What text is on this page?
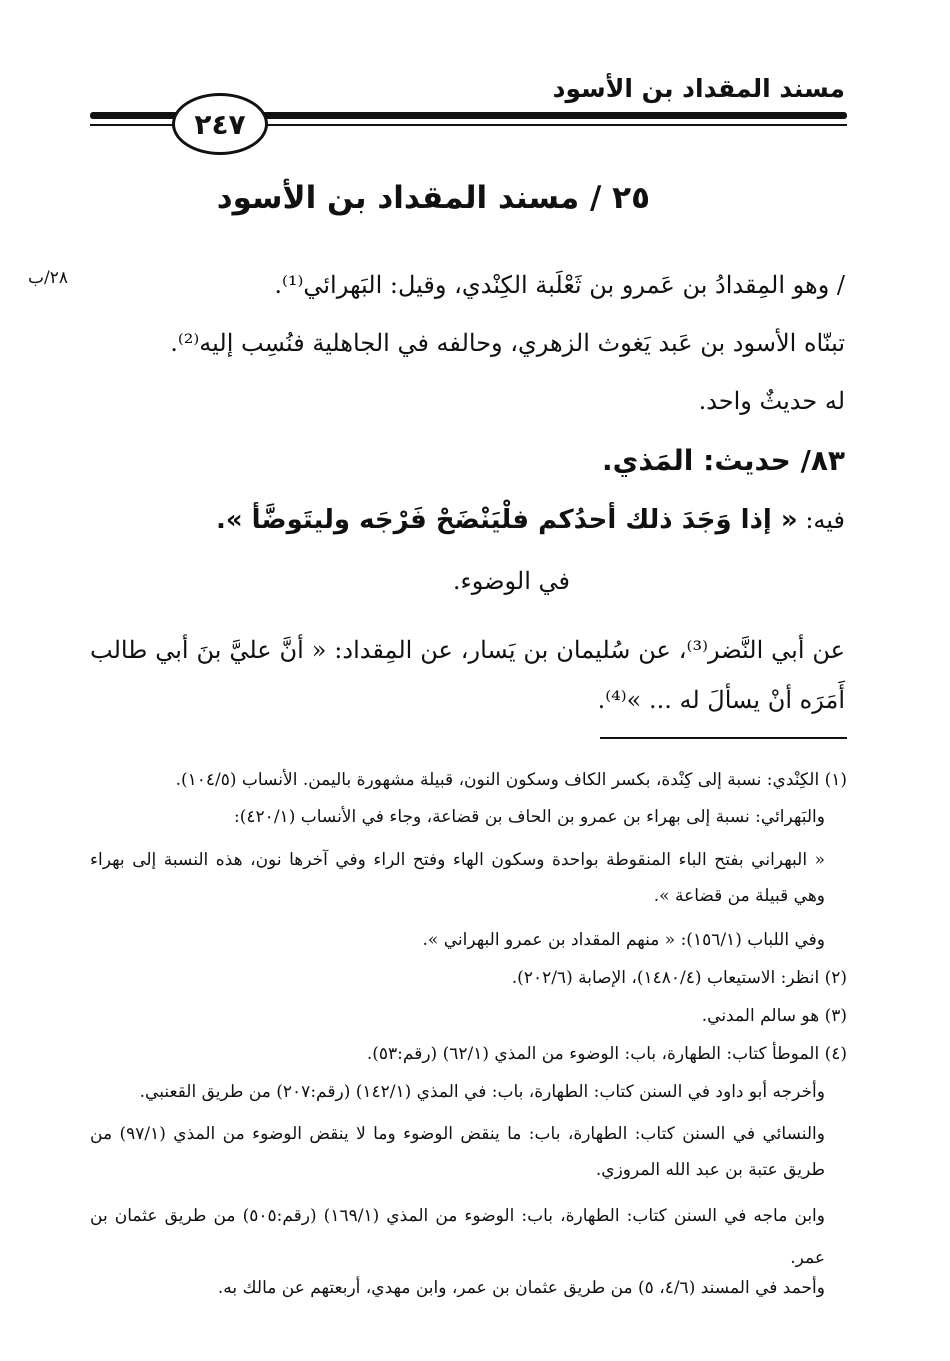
مسند المقداد بن الأسود
٢٤٧
٢٥ / مسند المقداد بن الأسود
٢٨/ب	/ وهو المِقدادُ بن عَمرو بن ثَعْلَبة الكِنْدي، وقيل: البَهرائي⁽¹⁾.
تبنّاه الأسود بن عَبد يَغوث الزهري، وحالفه في الجاهلية فنُسِب إليه⁽²⁾.
له حديثٌ واحد.
٨٣/ حديث: المَذي.
فيه: « إذا وَجَدَ ذلك أحدُكم فلْيَنْضَحْ فَرْجَه وليتَوضَّأ ».
في الوضوء.
عن أبي النَّضر⁽³⁾، عن سُليمان بن يَسار، عن المِقداد: « أنَّ عليَّ بنَ أبي طالب أَمَرَه أنْ يسألَ له ... »⁽⁴⁾.
(١) الكِنْدي: نسبة إلى كِنْدة، بكسر الكاف وسكون النون، قبيلة مشهورة باليمن. الأنساب (١٠٤/٥).
والبَهرائي: نسبة إلى بهراء بن عمرو بن الحاف بن قضاعة، وجاء في الأنساب (٤٢٠/١):
« البهراني بفتح الباء المنقوطة بواحدة وسكون الهاء وفتح الراء وفي آخرها نون، هذه النسبة إلى بهراء وهي قبيلة من قضاعة ».
وفي اللباب (١٥٦/١): « منهم المقداد بن عمرو البهراني ».
(٢) انظر: الاستيعاب (١٤٨٠/٤)، الإصابة (٢٠٢/٦).
(٣) هو سالم المدني.
(٤) الموطأ كتاب: الطهارة، باب: الوضوء من المذي (٦٢/١) (رقم:٥٣).
وأخرجه أبو داود في السنن كتاب: الطهارة، باب: في المذي (١٤٢/١) (رقم:٢٠٧) من طريق القعنبي.
والنسائي في السنن كتاب: الطهارة، باب: ما ينقض الوضوء وما لا ينقض الوضوء من المذي (٩٧/١) من طريق عتبة بن عبد الله المروزي.
وابن ماجه في السنن كتاب: الطهارة، باب: الوضوء من المذي (١٦٩/١) (رقم:٥٠٥) من طريق عثمان بن عمر.
وأحمد في المسند (٤/٦، ٥) من طريق عثمان بن عمر، وابن مهدي، أربعتهم عن مالك به.
